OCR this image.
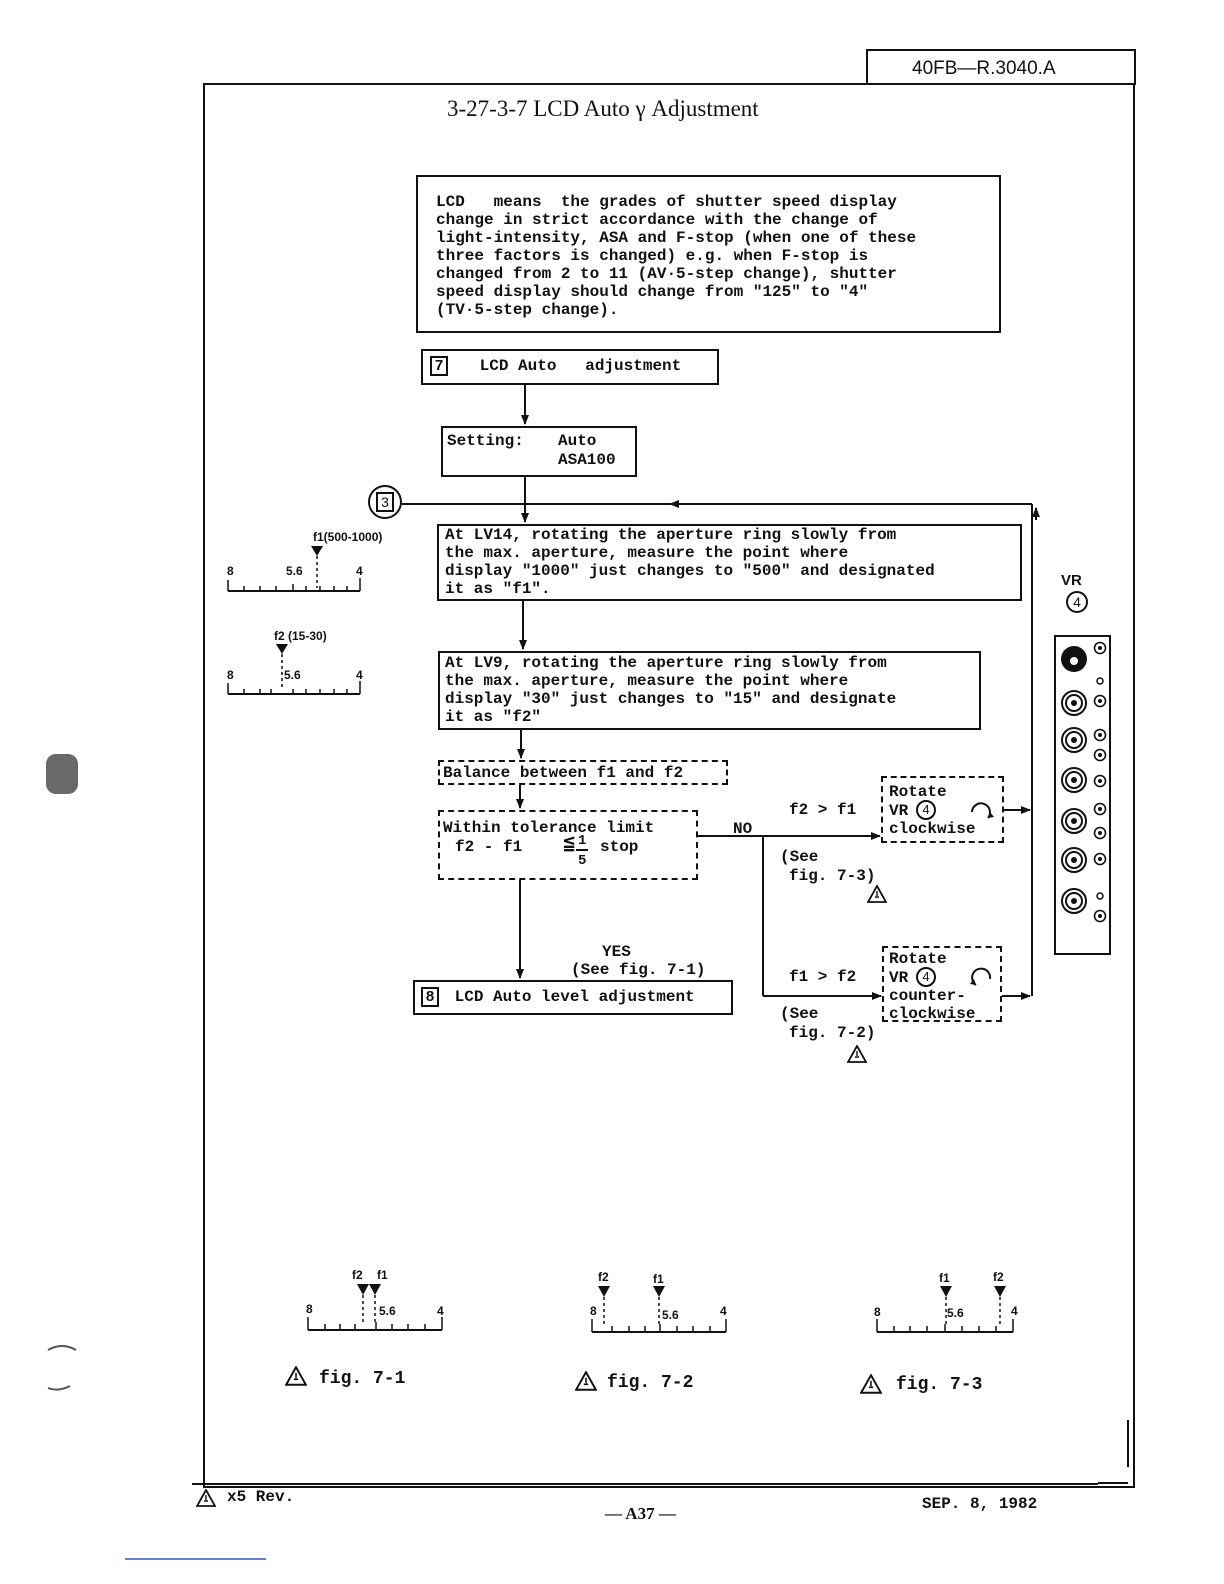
40FB—R.3040.A
3-27-3-7 LCD Auto γ Adjustment
LCD   means  the grades of shutter speed display
change in strict accordance with the change of
light-intensity, ASA and F-stop (when one of these
three factors is changed) e.g. when F-stop is
changed from 2 to 11 (AV·5-step change), shutter
speed display should change from "125" to "4"
(TV·5-step change).
7 LCD Auto   adjustment
Setting: Auto
ASA100
3
At LV14, rotating the aperture ring slowly from
the max. aperture, measure the point where
display "1000" just changes to "500" and designated
it as "f1".
At LV9, rotating the aperture ring slowly from
the max. aperture, measure the point where
display "30" just changes to "15" and designate
it as "f2"
Balance between f1 and f2
Within tolerance limit
f2 - f1 ≦ 1
5
stop
8 LCD Auto level adjustment
YES
(See fig. 7-1)
NO
f2 > f1
f1 > f2
(See
fig. 7-3)
(See
fig. 7-2)
Rotate
VR	4
clockwise
Rotate
VR	4
counter-
clockwise
VR
4
f1(500-1000)
8	5.6	4
f2 (15-30)
8	5.6	4
f2 f1
8	5.6	4
f2	f1
8	5.6	4
f1	f2
8	5.6	4
fig. 7-1	fig. 7-2	fig. 7-3
x5 Rev.
— A37 —	SEP. 8, 1982
